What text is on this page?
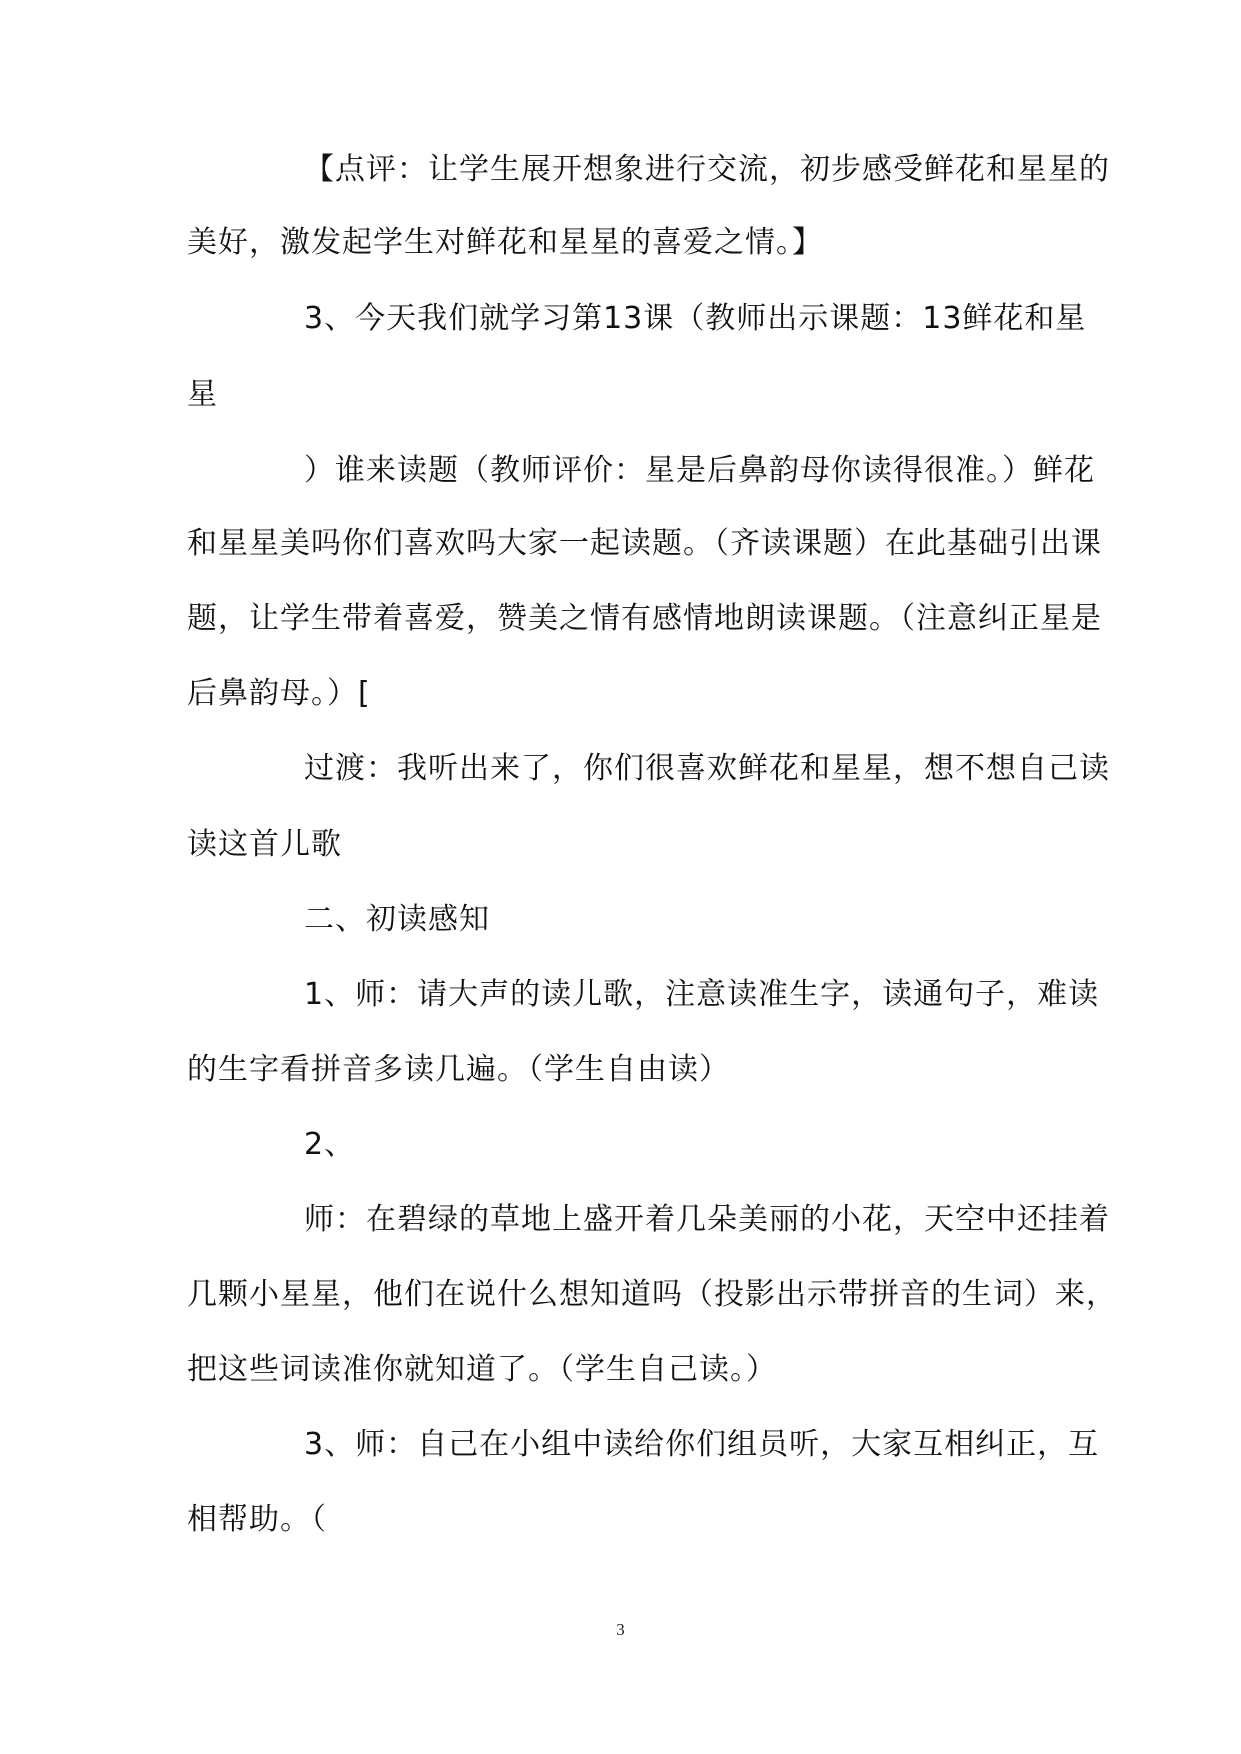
【点评：让学生展开想象进行交流，初步感受鲜花和星星的
美好，激发起学生对鲜花和星星的喜爱之情。】
3、今天我们就学习第13课（教师出示课题：13鲜花和星
星
）谁来读题（教师评价：星是后鼻韵母你读得很准。）鲜花
和星星美吗你们喜欢吗大家一起读题。（齐读课题）在此基础引出课
题，让学生带着喜爱，赞美之情有感情地朗读课题。（注意纠正星是
后鼻韵母。）[
过渡：我听出来了，你们很喜欢鲜花和星星，想不想自己读
读这首儿歌
二、初读感知
1、师：请大声的读儿歌，注意读准生字，读通句子，难读
的生字看拼音多读几遍。（学生自由读）
2、
师：在碧绿的草地上盛开着几朵美丽的小花，天空中还挂着
几颗小星星，他们在说什么想知道吗（投影出示带拼音的生词）来，
把这些词读准你就知道了。（学生自己读。）
3、师：自己在小组中读给你们组员听，大家互相纠正，互
相帮助。（
3
